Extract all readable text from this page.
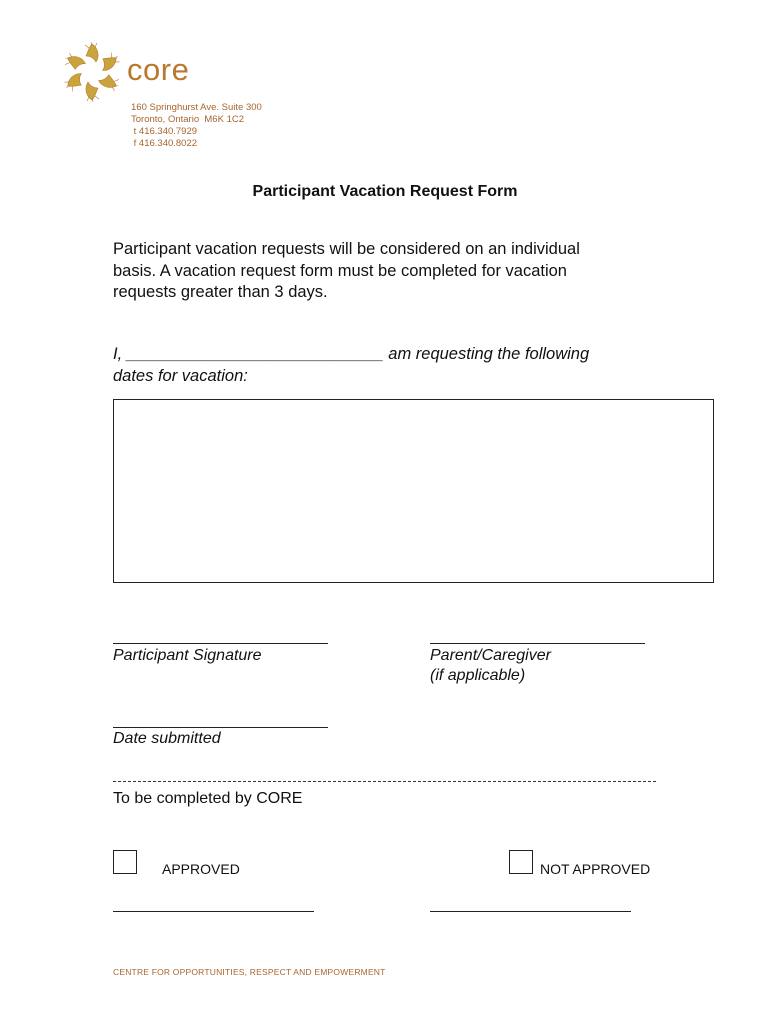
core
160 Springhurst Ave. Suite 300
Toronto, Ontario  M6K 1C2
t 416.340.7929
f 416.340.8022
Participant Vacation Request Form
Participant vacation requests will be considered on an individual
basis. A vacation request form must be completed for vacation
requests greater than 3 days.
I, ____________________________ am requesting the following
dates for vacation:
Participant Signature	Parent/Caregiver
(if applicable)
Date submitted
To be completed by CORE
APPROVED	NOT APPROVED
CENTRE FOR OPPORTUNITIES, RESPECT AND EMPOWERMENT
